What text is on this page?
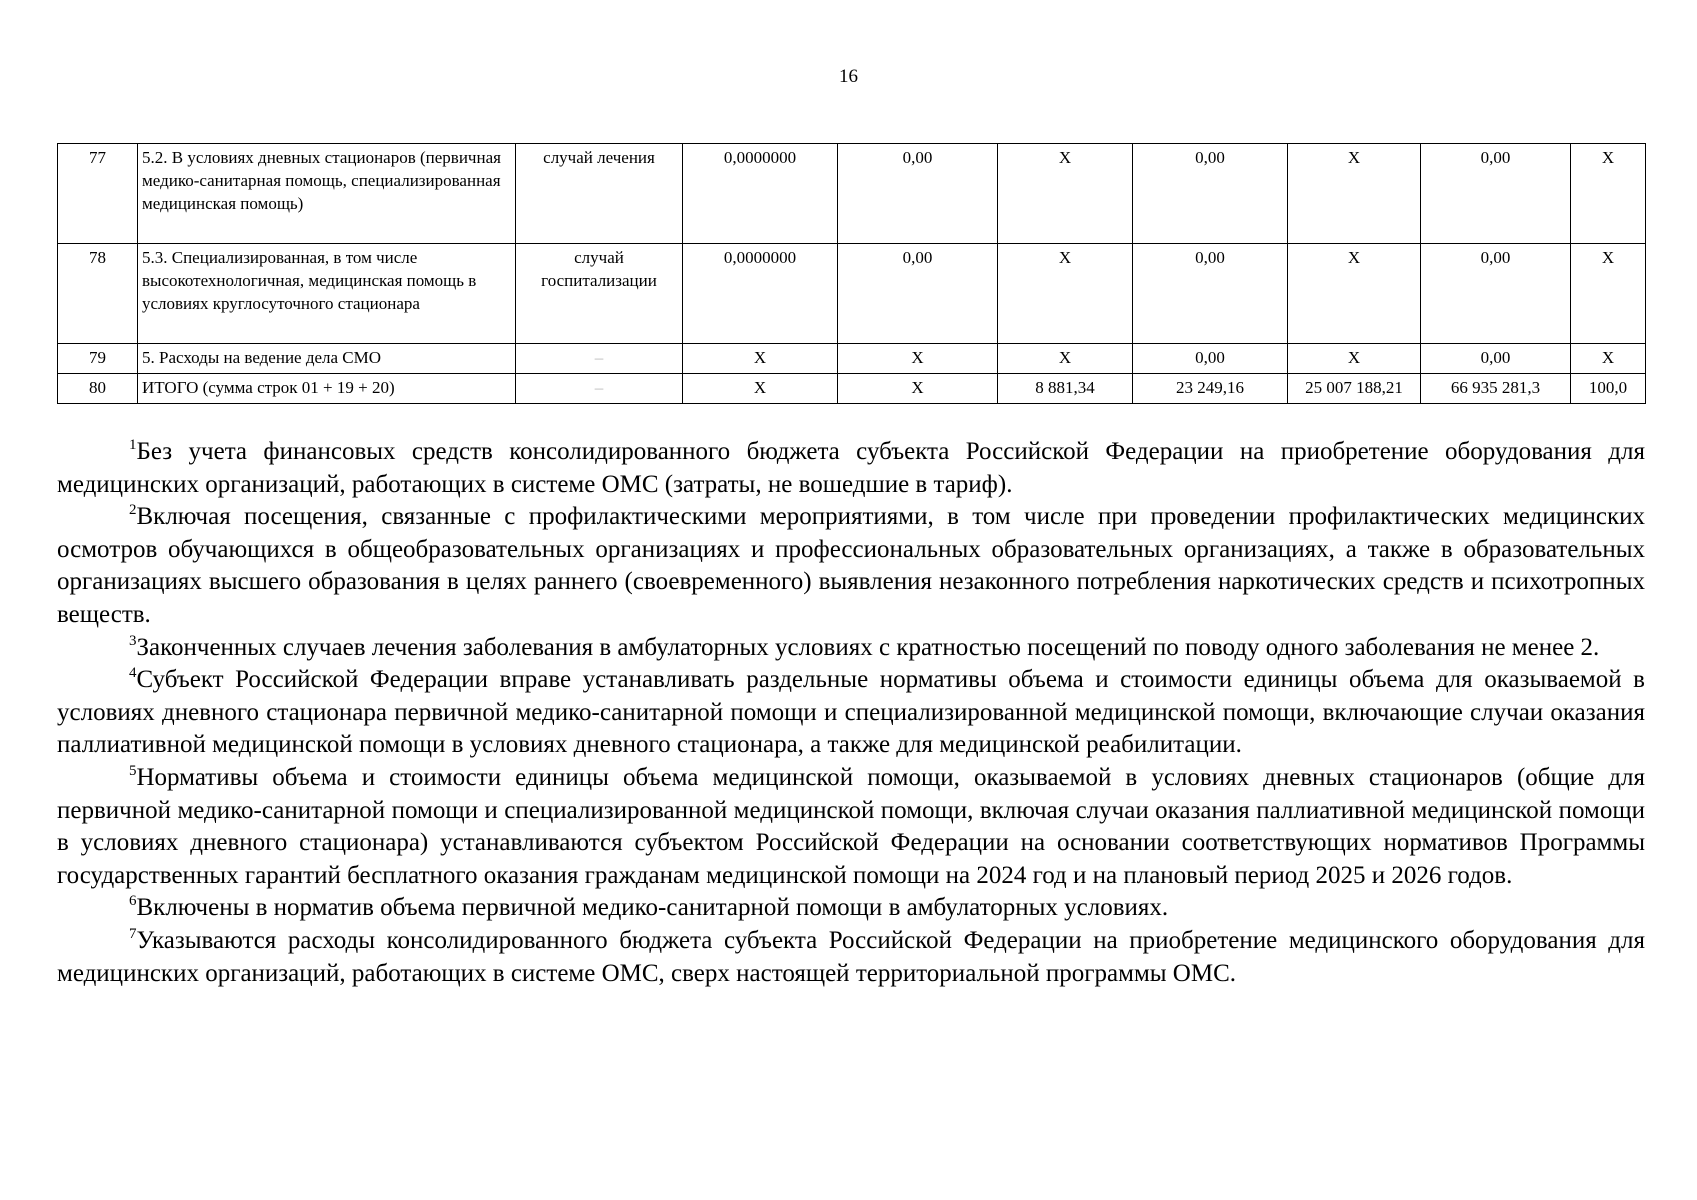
16
77	5.2. В условиях дневных стационаров (первичная медико-санитарная помощь, специализированная медицинская помощь)	случай лечения	0,0000000	0,00	Х	0,00	Х	0,00	Х
78	5.3. Специализированная, в том числе высокотехнологичная, медицинская помощь в условиях круглосуточного стационара	случай госпитализации	0,0000000	0,00	Х	0,00	Х	0,00	Х
79	5. Расходы на ведение дела СМО	–	Х	Х	Х	0,00	Х	0,00	Х
80	ИТОГО (сумма строк 01 + 19 + 20)	–	Х	Х	8 881,34	23 249,16	25 007 188,21	66 935 281,3	100,0

$^1$Без учета финансовых средств консолидированного бюджета субъекта Российской Федерации на приобретение оборудования для медицинских организаций, работающих в системе ОМС (затраты, не вошедшие в тариф).

$^2$Включая посещения, связанные с профилактическими мероприятиями, в том числе при проведении профилактических медицинских осмотров обучающихся в общеобразовательных организациях и профессиональных образовательных организациях, а также в образовательных организациях высшего образования в целях раннего (своевременного) выявления незаконного потребления наркотических средств и психотропных веществ.

$^3$Законченных случаев лечения заболевания в амбулаторных условиях с кратностью посещений по поводу одного заболевания не менее 2.

$^4$Субъект Российской Федерации вправе устанавливать раздельные нормативы объема и стоимости единицы объема для оказываемой в условиях дневного стационара первичной медико-санитарной помощи и специализированной медицинской помощи, включающие случаи оказания паллиативной медицинской помощи в условиях дневного стационара, а также для медицинской реабилитации.

$^5$Нормативы объема и стоимости единицы объема медицинской помощи, оказываемой в условиях дневных стационаров (общие для первичной медико-санитарной помощи и специализированной медицинской помощи, включая случаи оказания паллиативной медицинской помощи в условиях дневного стационара) устанавливаются субъектом Российской Федерации на основании соответствующих нормативов Программы государственных гарантий бесплатного оказания гражданам медицинской помощи на 2024 год и на плановый период 2025 и 2026 годов.

$^6$Включены в норматив объема первичной медико-санитарной помощи в амбулаторных условиях.

$^7$Указываются расходы консолидированного бюджета субъекта Российской Федерации на приобретение медицинского оборудования для медицинских организаций, работающих в системе ОМС, сверх настоящей территориальной программы ОМС.
